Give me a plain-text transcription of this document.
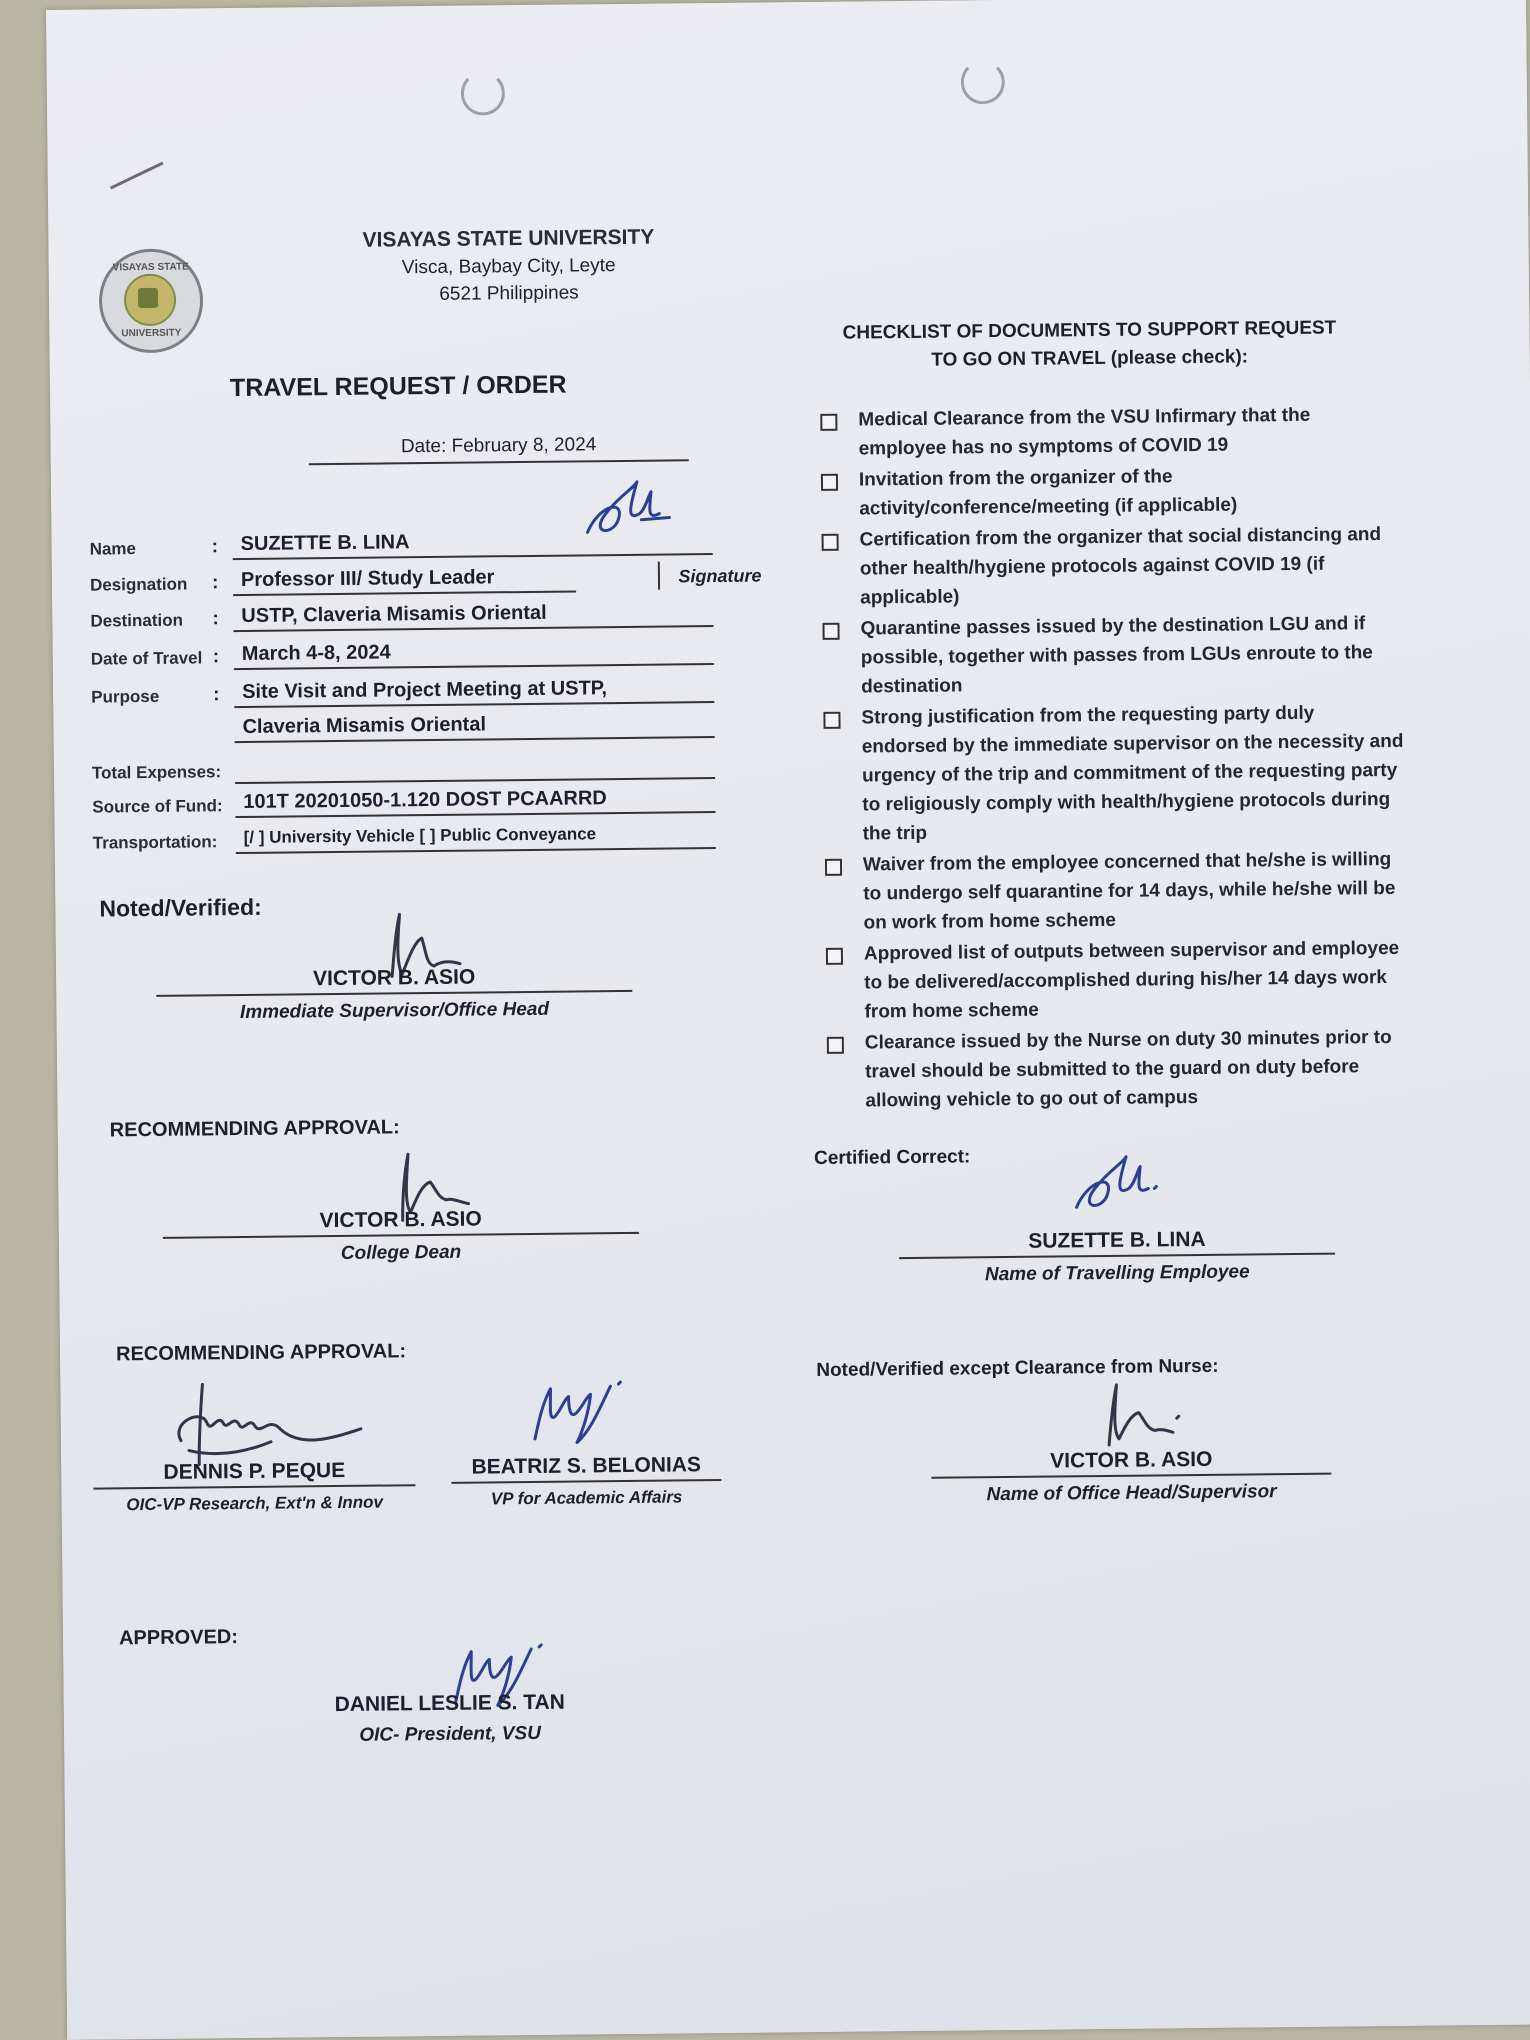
VISAYAS STATE
UNIVERSITY
VISAYAS STATE UNIVERSITY
Visca, Baybay City, Leyte
6521 Philippines
TRAVEL REQUEST / ORDER
Date: February 8, 2024
Name	:	SUZETTE B. LINA
Designation :	Professor III/ Study Leader	Signature
Destination :	USTP, Claveria Misamis Oriental
Date of Travel :	March 4-8, 2024
Purpose	:	Site Visit and Project Meeting at USTP,
Claveria Misamis Oriental
Total Expenses:
Source of Fund:	101T 20201050-1.120 DOST PCAARRD
Transportation:	[/ ] University Vehicle [ ] Public Conveyance
Noted/Verified:
VICTOR B. ASIO
Immediate Supervisor/Office Head
RECOMMENDING APPROVAL:
VICTOR B. ASIO
College Dean
RECOMMENDING APPROVAL:
DENNIS P. PEQUE
OIC-VP Research, Ext'n & Innov
BEATRIZ S. BELONIAS
VP for Academic Affairs
APPROVED:
DANIEL LESLIE S. TAN
OIC- President, VSU
CHECKLIST OF DOCUMENTS TO SUPPORT REQUEST
TO GO ON TRAVEL (please check):
Medical Clearance from the VSU Infirmary that the employee has no symptoms of COVID 19
Invitation from the organizer of the activity/conference/meeting (if applicable)
Certification from the organizer that social distancing and other health/hygiene protocols against COVID 19 (if applicable)
Quarantine passes issued by the destination LGU and if possible, together with passes from LGUs enroute to the destination
Strong justification from the requesting party duly endorsed by the immediate supervisor on the necessity and urgency of the trip and commitment of the requesting party to religiously comply with health/hygiene protocols during the trip
Waiver from the employee concerned that he/she is willing to undergo self quarantine for 14 days, while he/she will be on work from home scheme
Approved list of outputs between supervisor and employee to be delivered/accomplished during his/her 14 days work from home scheme
Clearance issued by the Nurse on duty 30 minutes prior to travel should be submitted to the guard on duty before allowing vehicle to go out of campus
Certified Correct:
SUZETTE B. LINA
Name of Travelling Employee
Noted/Verified except Clearance from Nurse:
VICTOR B. ASIO
Name of Office Head/Supervisor
